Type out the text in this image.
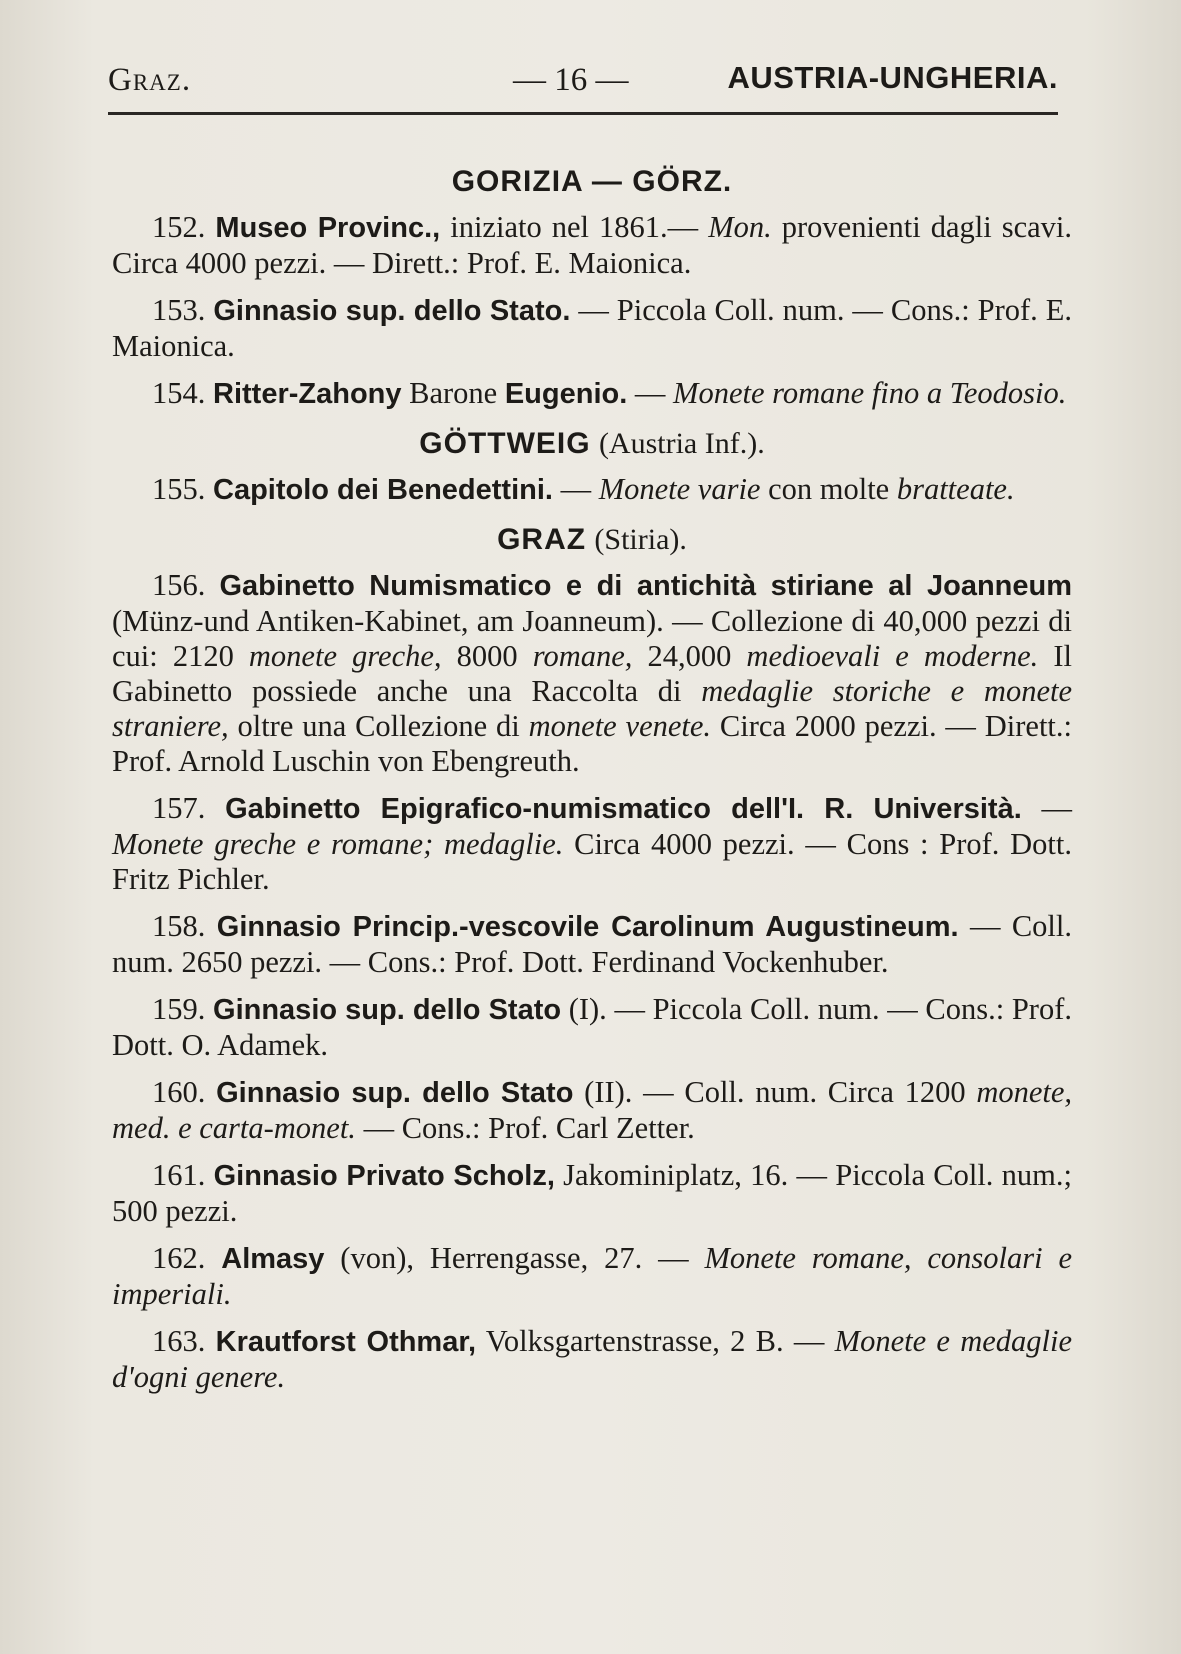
Graz.	— 16 —	AUSTRIA-UNGHERIA.
GORIZIA — GÖRZ.

152. Museo Provinc., iniziato nel 1861.— Mon. provenienti dagli scavi. Circa 4000 pezzi. — Dirett.: Prof. E. Maionica.

153. Ginnasio sup. dello Stato. — Piccola Coll. num. — Cons.: Prof. E. Maionica.

154. Ritter-Zahony Barone Eugenio. — Monete romane fino a Teodosio.

GÖTTWEIG (Austria Inf.).

155. Capitolo dei Benedettini. — Monete varie con molte bratteate.

GRAZ (Stiria).

156. Gabinetto Numismatico e di antichità stiriane al Joanneum (Münz-und Antiken-Kabinet, am Joanneum). — Collezione di 40,000 pezzi di cui: 2120 monete greche, 8000 romane, 24,000 medioevali e moderne. Il Gabinetto possiede anche una Raccolta di medaglie storiche e monete straniere, oltre una Collezione di monete venete. Circa 2000 pezzi. — Dirett.: Prof. Arnold Luschin von Ebengreuth.

157. Gabinetto Epigrafico-numismatico dell'I. R. Università. — Monete greche e romane; medaglie. Circa 4000 pezzi. — Cons : Prof. Dott. Fritz Pichler.

158. Ginnasio Princip.-vescovile Carolinum Augustineum. — Coll. num. 2650 pezzi. — Cons.: Prof. Dott. Ferdinand Vockenhuber.

159. Ginnasio sup. dello Stato (I). — Piccola Coll. num. — Cons.: Prof. Dott. O. Adamek.

160. Ginnasio sup. dello Stato (II). — Coll. num. Circa 1200 monete, med. e carta-monet. — Cons.: Prof. Carl Zetter.

161. Ginnasio Privato Scholz, Jakominiplatz, 16. — Piccola Coll. num.; 500 pezzi.

162. Almasy (von), Herrengasse, 27. — Monete romane, consolari e imperiali.

163. Krautforst Othmar, Volksgartenstrasse, 2 B. — Monete e medaglie d'ogni genere.
